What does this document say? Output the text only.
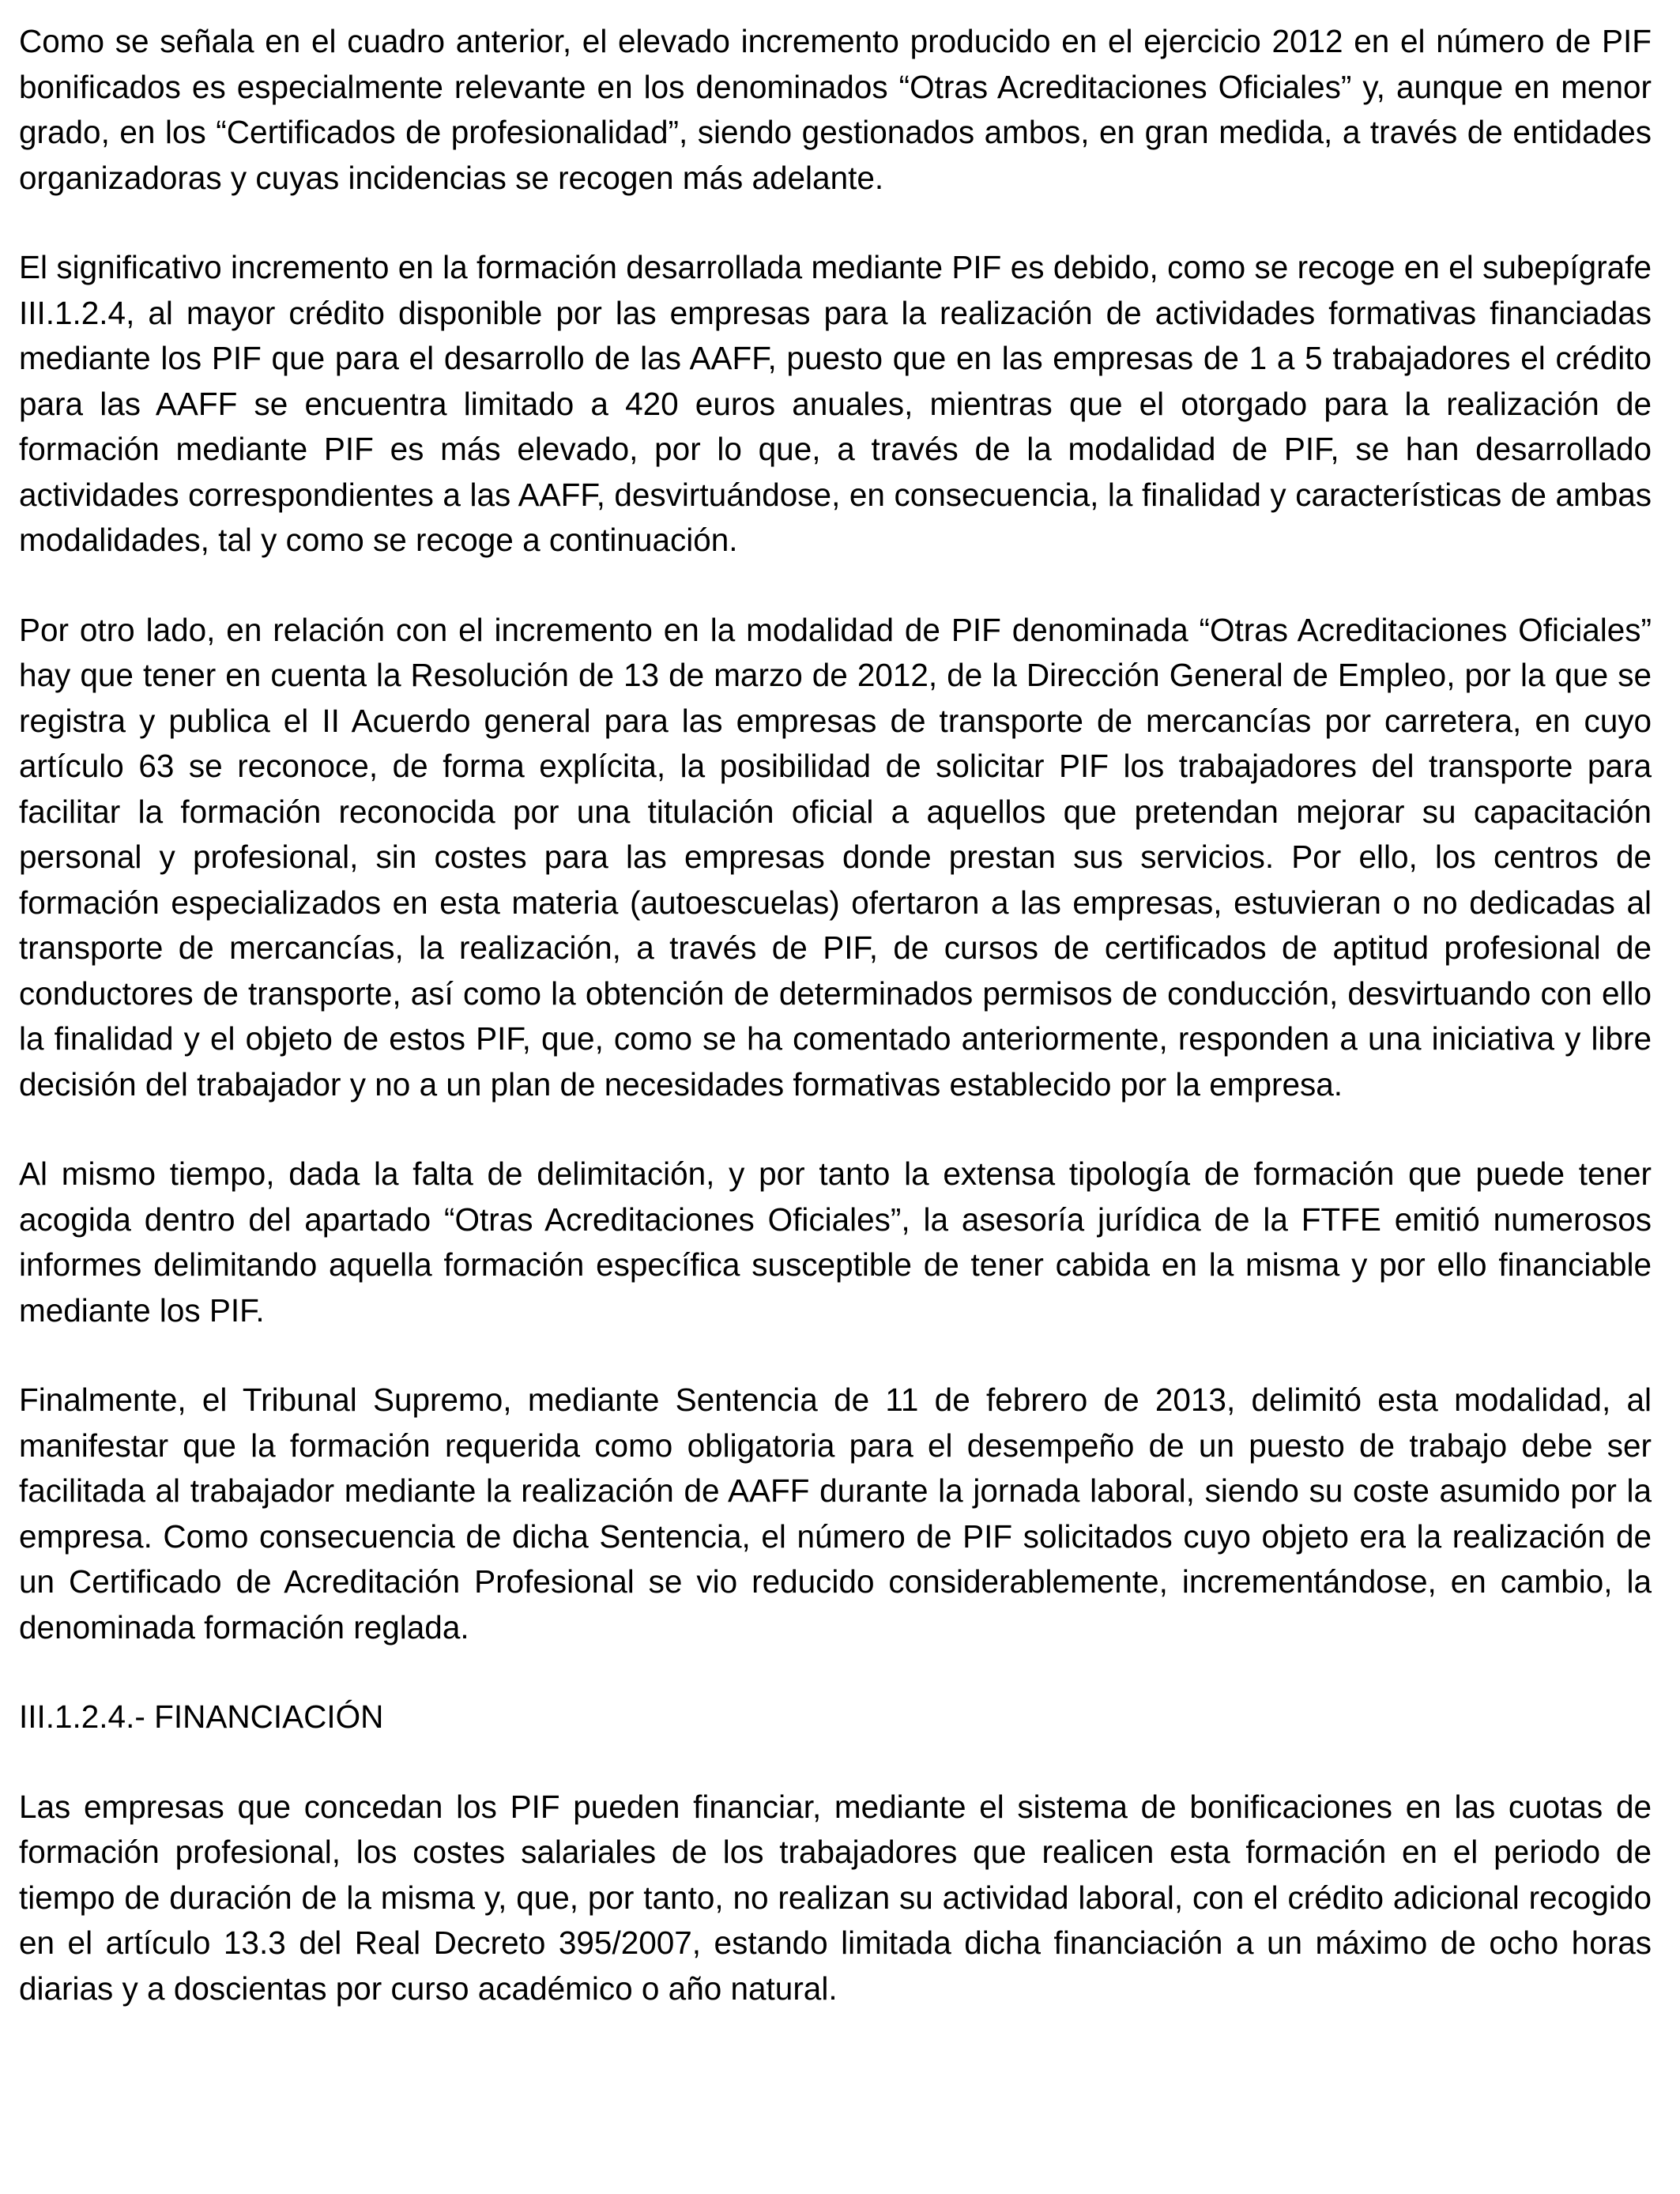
Como se señala en el cuadro anterior, el elevado incremento producido en el ejercicio 2012 en el número de PIF bonificados es especialmente relevante en los denominados “Otras Acreditaciones Oficiales” y, aunque en menor grado, en los “Certificados de profesionalidad”, siendo gestionados ambos, en gran medida, a través de entidades organizadoras y cuyas incidencias se recogen más adelante.

El significativo incremento en la formación desarrollada mediante PIF es debido, como se recoge en el subepígrafe III.1.2.4, al mayor crédito disponible por las empresas para la realización de actividades formativas financiadas mediante los PIF que para el desarrollo de las AAFF, puesto que en las empresas de 1 a 5 trabajadores el crédito para las AAFF se encuentra limitado a 420 euros anuales, mientras que el otorgado para la realización de formación mediante PIF es más elevado, por lo que, a través de la modalidad de PIF, se han desarrollado actividades correspondientes a las AAFF, desvirtuándose, en consecuencia, la finalidad y características de ambas modalidades, tal y como se recoge a continuación.

Por otro lado, en relación con el incremento en la modalidad de PIF denominada “Otras Acreditaciones Oficiales” hay que tener en cuenta la Resolución de 13 de marzo de 2012, de la Dirección General de Empleo, por la que se registra y publica el II Acuerdo general para las empresas de transporte de mercancías por carretera, en cuyo artículo 63 se reconoce, de forma explícita, la posibilidad de solicitar PIF los trabajadores del transporte para facilitar la formación reconocida por una titulación oficial a aquellos que pretendan mejorar su capacitación personal y profesional, sin costes para las empresas donde prestan sus servicios. Por ello, los centros de formación especializados en esta materia (autoescuelas) ofertaron a las empresas, estuvieran o no dedicadas al transporte de mercancías, la realización, a través de PIF, de cursos de certificados de aptitud profesional de conductores de transporte, así como la obtención de determinados permisos de conducción, desvirtuando con ello la finalidad y el objeto de estos PIF, que, como se ha comentado anteriormente, responden a una iniciativa y libre decisión del trabajador y no a un plan de necesidades formativas establecido por la empresa.

Al mismo tiempo, dada la falta de delimitación, y por tanto la extensa tipología de formación que puede tener acogida dentro del apartado “Otras Acreditaciones Oficiales”, la asesoría jurídica de la FTFE emitió numerosos informes delimitando aquella formación específica susceptible de tener cabida en la misma y por ello financiable mediante los PIF.

Finalmente, el Tribunal Supremo, mediante Sentencia de 11 de febrero de 2013, delimitó esta modalidad, al manifestar que la formación requerida como obligatoria para el desempeño de un puesto de trabajo debe ser facilitada al trabajador mediante la realización de AAFF durante la jornada laboral, siendo su coste asumido por la empresa. Como consecuencia de dicha Sentencia, el número de PIF solicitados cuyo objeto era la realización de un Certificado de Acreditación Profesional se vio reducido considerablemente, incrementándose, en cambio, la denominada formación reglada.

III.1.2.4.- FINANCIACIÓN

Las empresas que concedan los PIF pueden financiar, mediante el sistema de bonificaciones en las cuotas de formación profesional, los costes salariales de los trabajadores que realicen esta formación en el periodo de tiempo de duración de la misma y, que, por tanto, no realizan su actividad laboral, con el crédito adicional recogido en el artículo 13.3 del Real Decreto 395/2007, estando limitada dicha financiación a un máximo de ocho horas diarias y a doscientas por curso académico o año natural.
